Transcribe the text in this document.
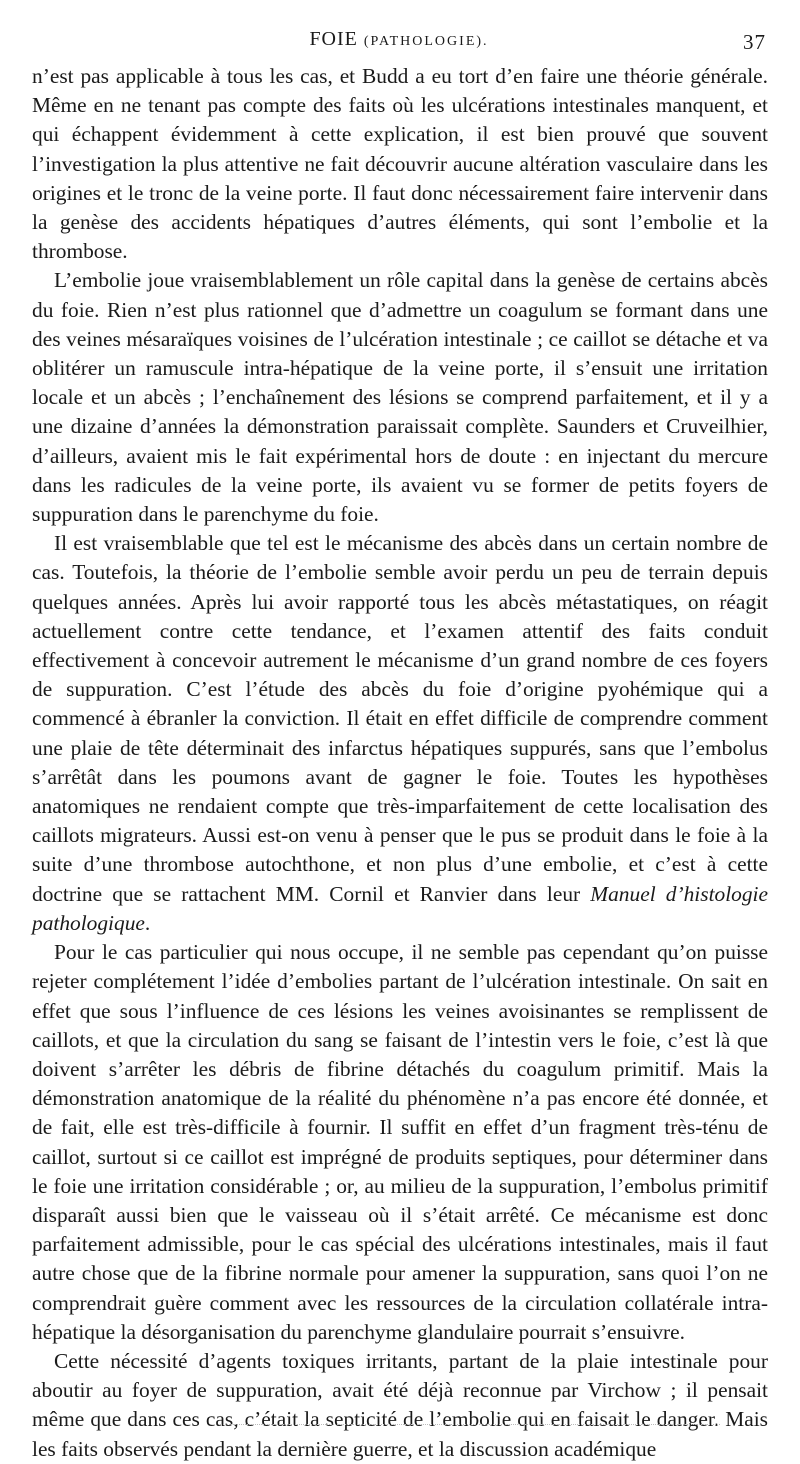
FOIE (PATHOLOGIE).	37

n’est pas applicable à tous les cas, et Budd a eu tort d’en faire une théorie générale. Même en ne tenant pas compte des faits où les ulcérations intestinales manquent, et qui échappent évidemment à cette explication, il est bien prouvé que souvent l’investigation la plus attentive ne fait découvrir aucune altération vasculaire dans les origines et le tronc de la veine porte. Il faut donc nécessairement faire intervenir dans la genèse des accidents hépatiques d’autres éléments, qui sont l’embolie et la thrombose.

L’embolie joue vraisemblablement un rôle capital dans la genèse de certains abcès du foie. Rien n’est plus rationnel que d’admettre un coagulum se formant dans une des veines mésaraïques voisines de l’ulcération intestinale ; ce caillot se détache et va oblitérer un ramuscule intra-hépatique de la veine porte, il s’ensuit une irritation locale et un abcès ; l’enchaînement des lésions se comprend parfaitement, et il y a une dizaine d’années la démonstration paraissait complète. Saunders et Cruveilhier, d’ailleurs, avaient mis le fait expérimental hors de doute : en injectant du mercure dans les radicules de la veine porte, ils avaient vu se former de petits foyers de suppuration dans le parenchyme du foie.

Il est vraisemblable que tel est le mécanisme des abcès dans un certain nombre de cas. Toutefois, la théorie de l’embolie semble avoir perdu un peu de terrain depuis quelques années. Après lui avoir rapporté tous les abcès métastatiques, on réagit actuellement contre cette tendance, et l’examen attentif des faits conduit effectivement à concevoir autrement le mécanisme d’un grand nombre de ces foyers de suppuration. C’est l’étude des abcès du foie d’origine pyohémique qui a commencé à ébranler la conviction. Il était en effet difficile de comprendre comment une plaie de tête déterminait des infarctus hépatiques suppurés, sans que l’embolus s’arrêtât dans les poumons avant de gagner le foie. Toutes les hypothèses anatomiques ne rendaient compte que très-imparfaitement de cette localisation des caillots migrateurs. Aussi est-on venu à penser que le pus se produit dans le foie à la suite d’une thrombose autochthone, et non plus d’une embolie, et c’est à cette doctrine que se rattachent MM. Cornil et Ranvier dans leur Manuel d’histologie pathologique.

Pour le cas particulier qui nous occupe, il ne semble pas cependant qu’on puisse rejeter complétement l’idée d’embolies partant de l’ulcération intestinale. On sait en effet que sous l’influence de ces lésions les veines avoisinantes se remplissent de caillots, et que la circulation du sang se faisant de l’intestin vers le foie, c’est là que doivent s’arrêter les débris de fibrine détachés du coagulum primitif. Mais la démonstration anatomique de la réalité du phénomène n’a pas encore été donnée, et de fait, elle est très-difficile à fournir. Il suffit en effet d’un fragment très-ténu de caillot, surtout si ce caillot est imprégné de produits septiques, pour déterminer dans le foie une irritation considérable ; or, au milieu de la suppuration, l’embolus primitif disparaît aussi bien que le vaisseau où il s’était arrêté. Ce mécanisme est donc parfaitement admissible, pour le cas spécial des ulcérations intestinales, mais il faut autre chose que de la fibrine normale pour amener la suppuration, sans quoi l’on ne comprendrait guère comment avec les ressources de la circulation collatérale intra-hépatique la désorganisation du parenchyme glandulaire pourrait s’ensuivre.

Cette nécessité d’agents toxiques irritants, partant de la plaie intestinale pour aboutir au foyer de suppuration, avait été déjà reconnue par Virchow ; il pensait même que dans ces cas, c’était la septicité de l’embolie qui en faisait le danger. Mais les faits observés pendant la dernière guerre, et la discussion académique
